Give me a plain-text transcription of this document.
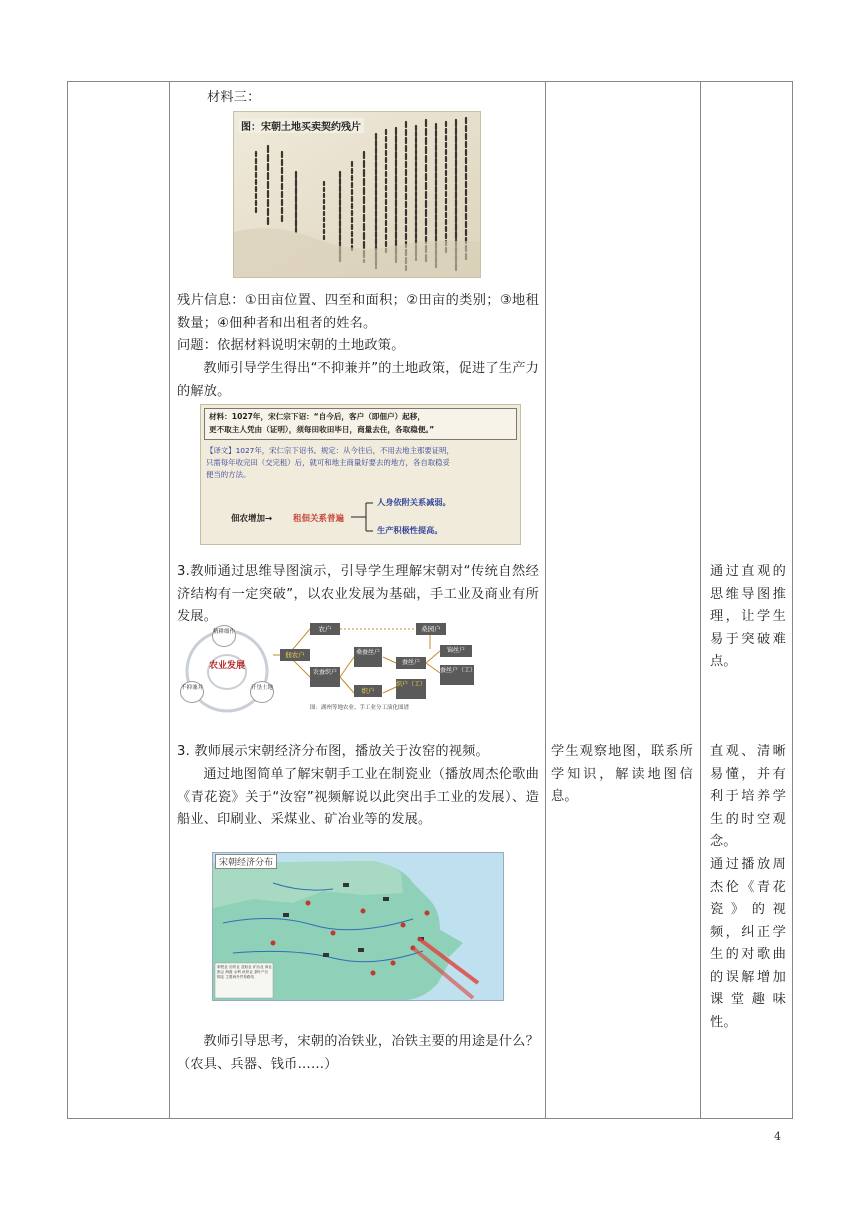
材料三：
图：宋朝土地买卖契约残片
残片信息：①田亩位置、四至和面积；②田亩的类别；③地租数量；④佃种者和出租者的姓名。
问题：依据材料说明宋朝的土地政策。
教师引导学生得出“不抑兼并”的土地政策，促进了生产力的解放。
材料：1027年，宋仁宗下诏：“自今后，客户（即佃户）起移，
更不取主人凭由（证明），须每田收田毕日，商量去住，各取稳便。”
【译文】1027年，宋仁宗下诏书。规定：从今往后，不用去地主那要证明，
只需每年收完田（交完租）后，就可和地主商量好要去的地方，各自取稳妥
便当的方法。
佃农增加→ 租佃关系普遍
人身依附关系减弱。
生产积极性提高。
3.教师通过思维导图演示，引导学生理解宋朝对“传统自然经济结构有一定突破”，以农业发展为基础，手工业及商业有所发展。
农业发展
精耕细作
不抑兼并	开垦土地
佃农户
农户	桑园户
桑蚕丝户
农蚕织户
蚕丝户
锦丝户
蚕丝户（工）
织户
织户（工）
图：湖州等地农业、手工业分工演化图谱
3. 教师展示宋朝经济分布图，播放关于汝窑的视频。
通过地图简单了解宋朝手工业在制瓷业（播放周杰伦歌曲《青花瓷》关于“汝窑”视频解说以此突出手工业的发展）、造船业、印刷业、采煤业、矿冶业等的发展。
宋朝经济分布
制瓷业 纺织业 造船业 矿冶业 商业都会 海港 水利 丝织业 茶叶产区 棉花 主要海外贸易路线
教师引导思考，宋朝的冶铁业，冶铁主要的用途是什么？（农具、兵器、钱币……）
学生观察地图，联系所学知识，解读地图信息。
通过直观的思维导图推理，让学生易于突破难点。
直观、清晰易懂，并有利于培养学生的时空观念。
通过播放周杰伦《青花瓷》的视频，纠正学生的对歌曲的误解增加课堂趣味性。
4
